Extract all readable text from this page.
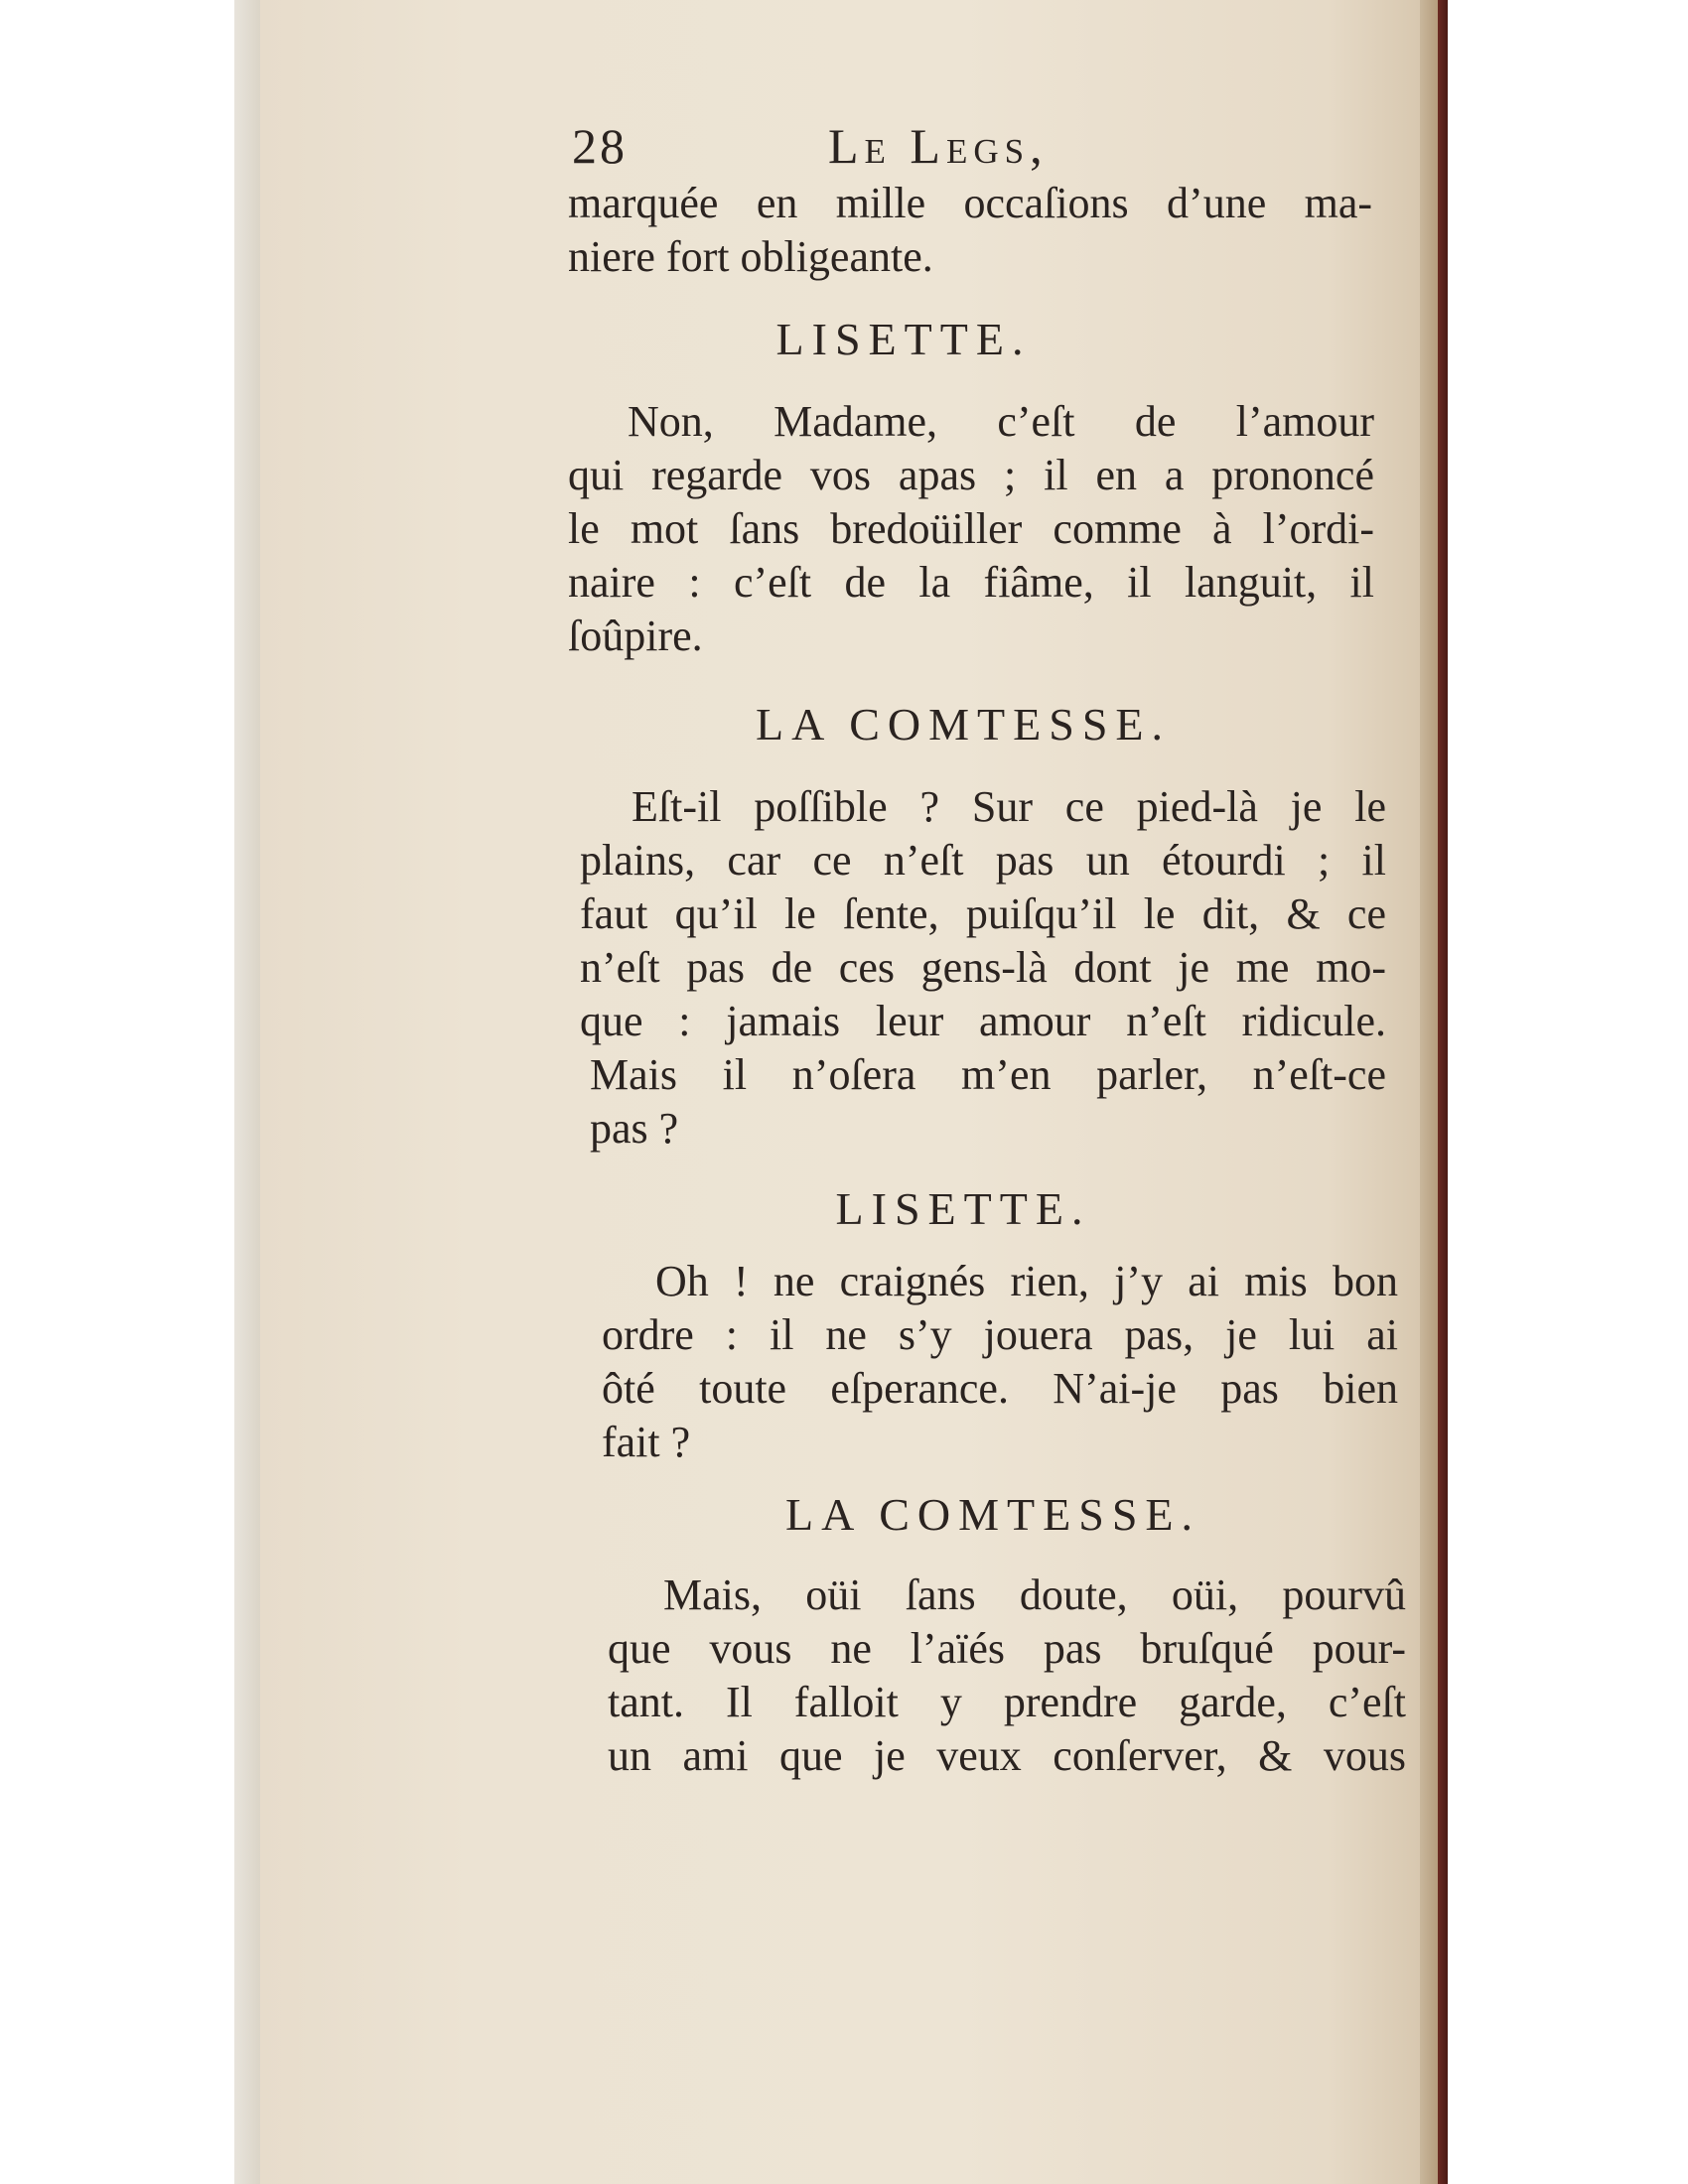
28	Le Legs,
marquée en mille occaſions d’une ma-
niere fort obligeante.
LISETTE.
Non, Madame, c’eſt de l’amour
qui regarde vos apas ; il en a prononcé
le mot ſans bredoüiller comme à l’ordi-
naire : c’eſt de la fiâme, il languit, il
ſoûpire.
LA COMTESSE.
Eſt-il poſſible ? Sur ce pied-là je le
plains, car ce n’eſt pas un étourdi ; il
faut qu’il le ſente, puiſqu’il le dit, & ce
n’eſt pas de ces gens-là dont je me mo-
que : jamais leur amour n’eſt ridicule.
Mais il n’oſera m’en parler, n’eſt-ce
pas ?
LISETTE.
Oh ! ne craignés rien, j’y ai mis bon
ordre : il ne s’y jouera pas, je lui ai
ôté toute eſperance. N’ai-je pas bien
fait ?
LA COMTESSE.
Mais, oüi ſans doute, oüi, pourvû
que vous ne l’aïés pas bruſqué pour-
tant. Il falloit y prendre garde, c’eſt
un ami que je veux conſerver, & vous
